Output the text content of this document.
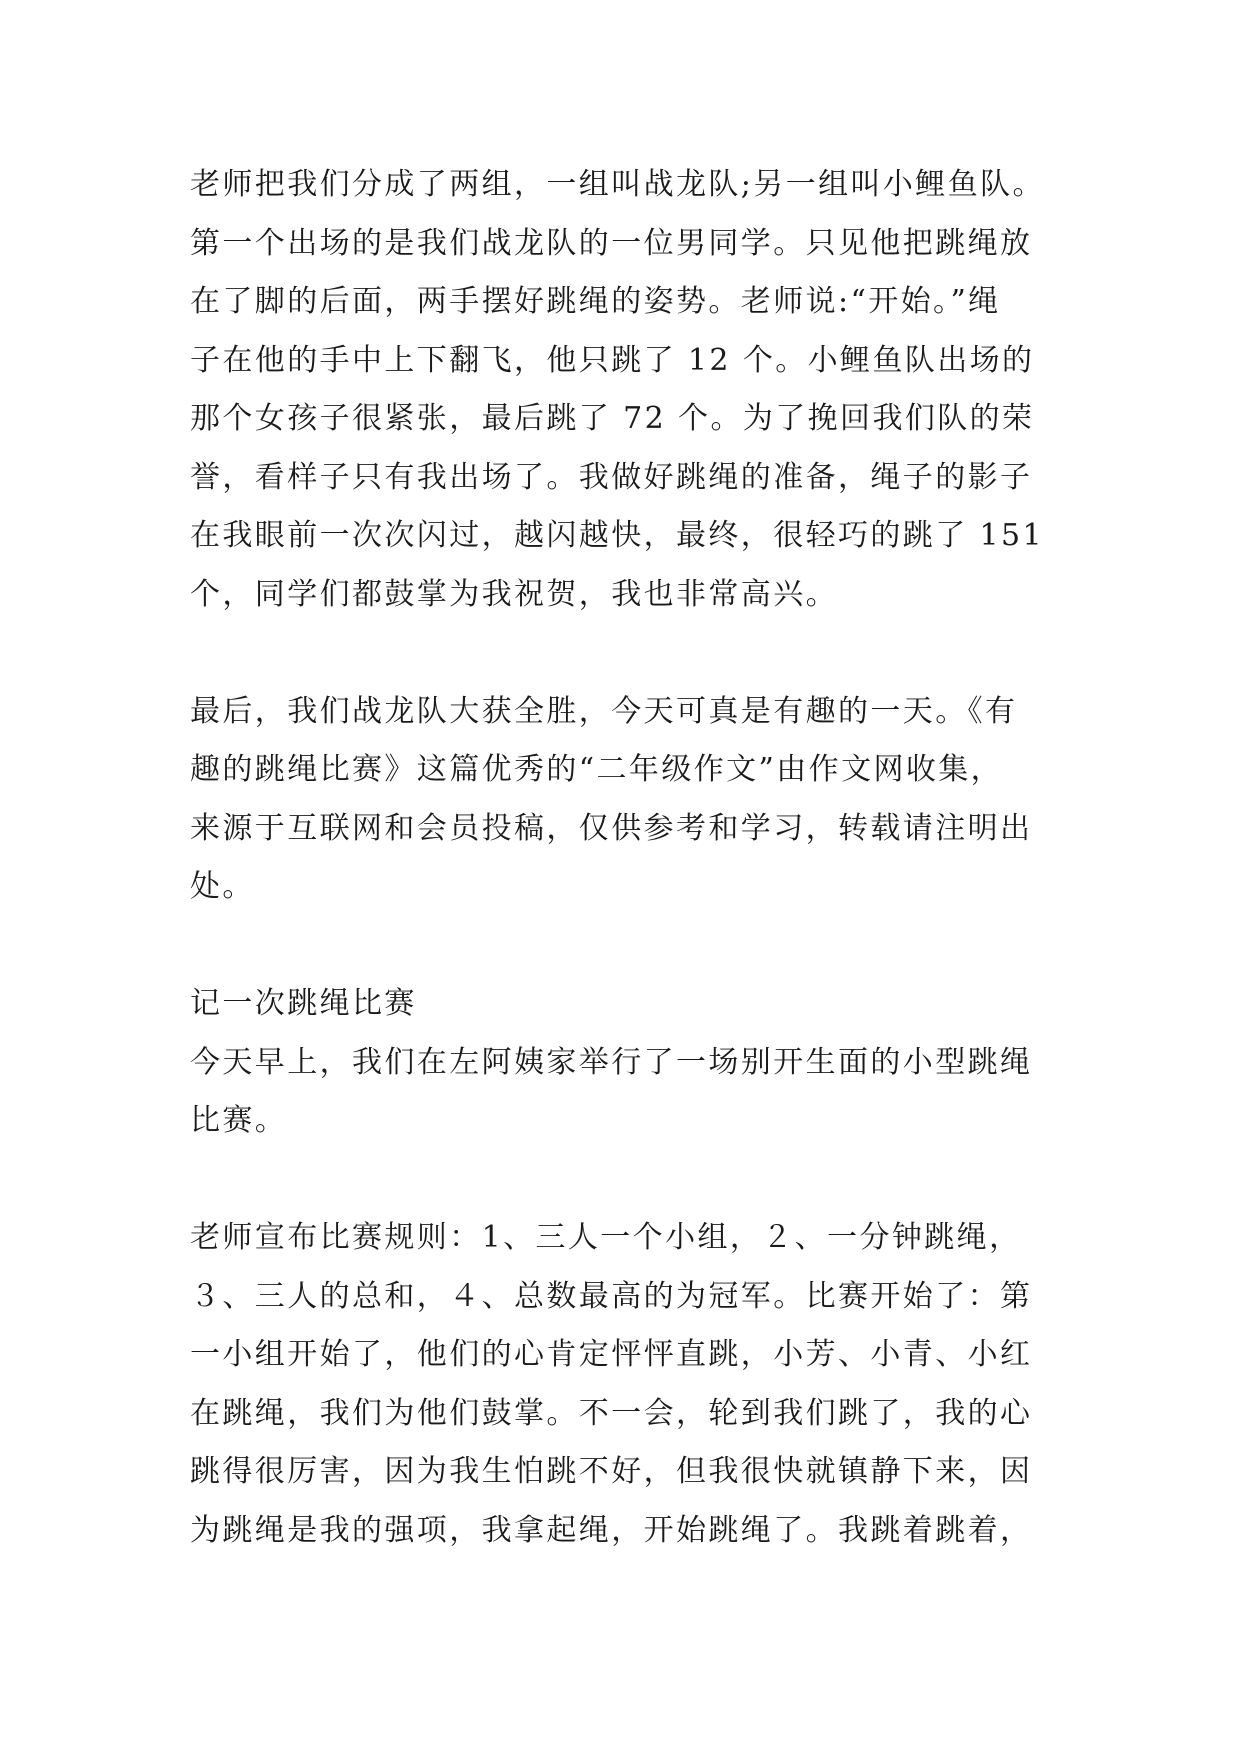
老师把我们分成了两组，一组叫战龙队;另一组叫小鲤鱼队。
第一个出场的是我们战龙队的一位男同学。只见他把跳绳放
在了脚的后面，两手摆好跳绳的姿势。老师说:“开始。”绳
子在他的手中上下翻飞，他只跳了 12 个。小鲤鱼队出场的
那个女孩子很紧张，最后跳了 72 个。为了挽回我们队的荣
誉，看样子只有我出场了。我做好跳绳的准备，绳子的影子
在我眼前一次次闪过，越闪越快，最终，很轻巧的跳了 151
个，同学们都鼓掌为我祝贺，我也非常高兴。
最后，我们战龙队大获全胜，今天可真是有趣的一天。《有
趣的跳绳比赛》这篇优秀的“二年级作文”由作文网收集，
来源于互联网和会员投稿，仅供参考和学习，转载请注明出
处。
记一次跳绳比赛
今天早上，我们在左阿姨家举行了一场别开生面的小型跳绳
比赛。
老师宣布比赛规则：1、三人一个小组，２、一分钟跳绳，
３、三人的总和，４、总数最高的为冠军。比赛开始了：第
一小组开始了，他们的心肯定怦怦直跳，小芳、小青、小红
在跳绳，我们为他们鼓掌。不一会，轮到我们跳了，我的心
跳得很厉害，因为我生怕跳不好，但我很快就镇静下来，因
为跳绳是我的强项，我拿起绳，开始跳绳了。我跳着跳着，
